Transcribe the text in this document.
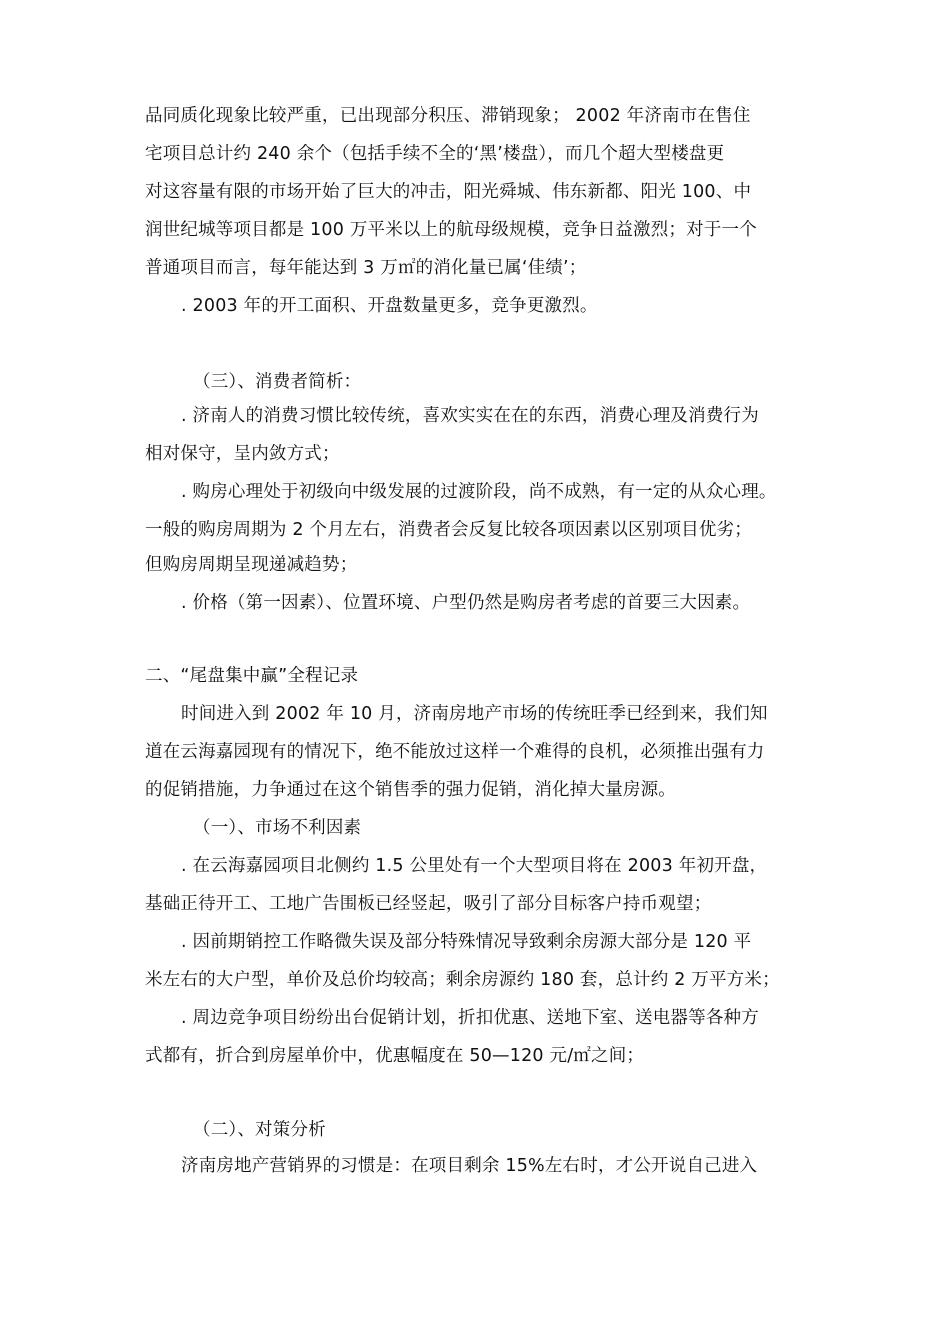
品同质化现象比较严重，已出现部分积压、滞销现象； 2002 年济南市在售住

宅项目总计约 240 余个（包括手续不全的‘黑’楼盘），而几个超大型楼盘更

对这容量有限的市场开始了巨大的冲击，阳光舜城、伟东新都、阳光 100、中

润世纪城等项目都是 100 万平米以上的航母级规模，竞争日益激烈；对于一个

普通项目而言，每年能达到 3 万㎡的消化量已属‘佳绩’；

. 2003 年的开工面积、开盘数量更多，竞争更激烈。

（三）、消费者简析：

. 济南人的消费习惯比较传统，喜欢实实在在的东西，消费心理及消费行为

相对保守，呈内敛方式；

. 购房心理处于初级向中级发展的过渡阶段，尚不成熟，有一定的从众心理。

一般的购房周期为 2 个月左右，消费者会反复比较各项因素以区别项目优劣；

但购房周期呈现递减趋势；

. 价格（第一因素）、位置环境、户型仍然是购房者考虑的首要三大因素。

二、“尾盘集中赢”全程记录

时间进入到 2002 年 10 月，济南房地产市场的传统旺季已经到来，我们知

道在云海嘉园现有的情况下，绝不能放过这样一个难得的良机，必须推出强有力

的促销措施，力争通过在这个销售季的强力促销，消化掉大量房源。

（一）、市场不利因素

. 在云海嘉园项目北侧约 1.5 公里处有一个大型项目将在 2003 年初开盘，

基础正待开工、工地广告围板已经竖起，吸引了部分目标客户持币观望；

. 因前期销控工作略微失误及部分特殊情况导致剩余房源大部分是 120 平

米左右的大户型，单价及总价均较高；剩余房源约 180 套，总计约 2 万平方米；

. 周边竞争项目纷纷出台促销计划，折扣优惠、送地下室、送电器等各种方

式都有，折合到房屋单价中，优惠幅度在 50—120 元/㎡之间；

（二）、对策分析

济南房地产营销界的习惯是：在项目剩余 15%左右时，才公开说自己进入
